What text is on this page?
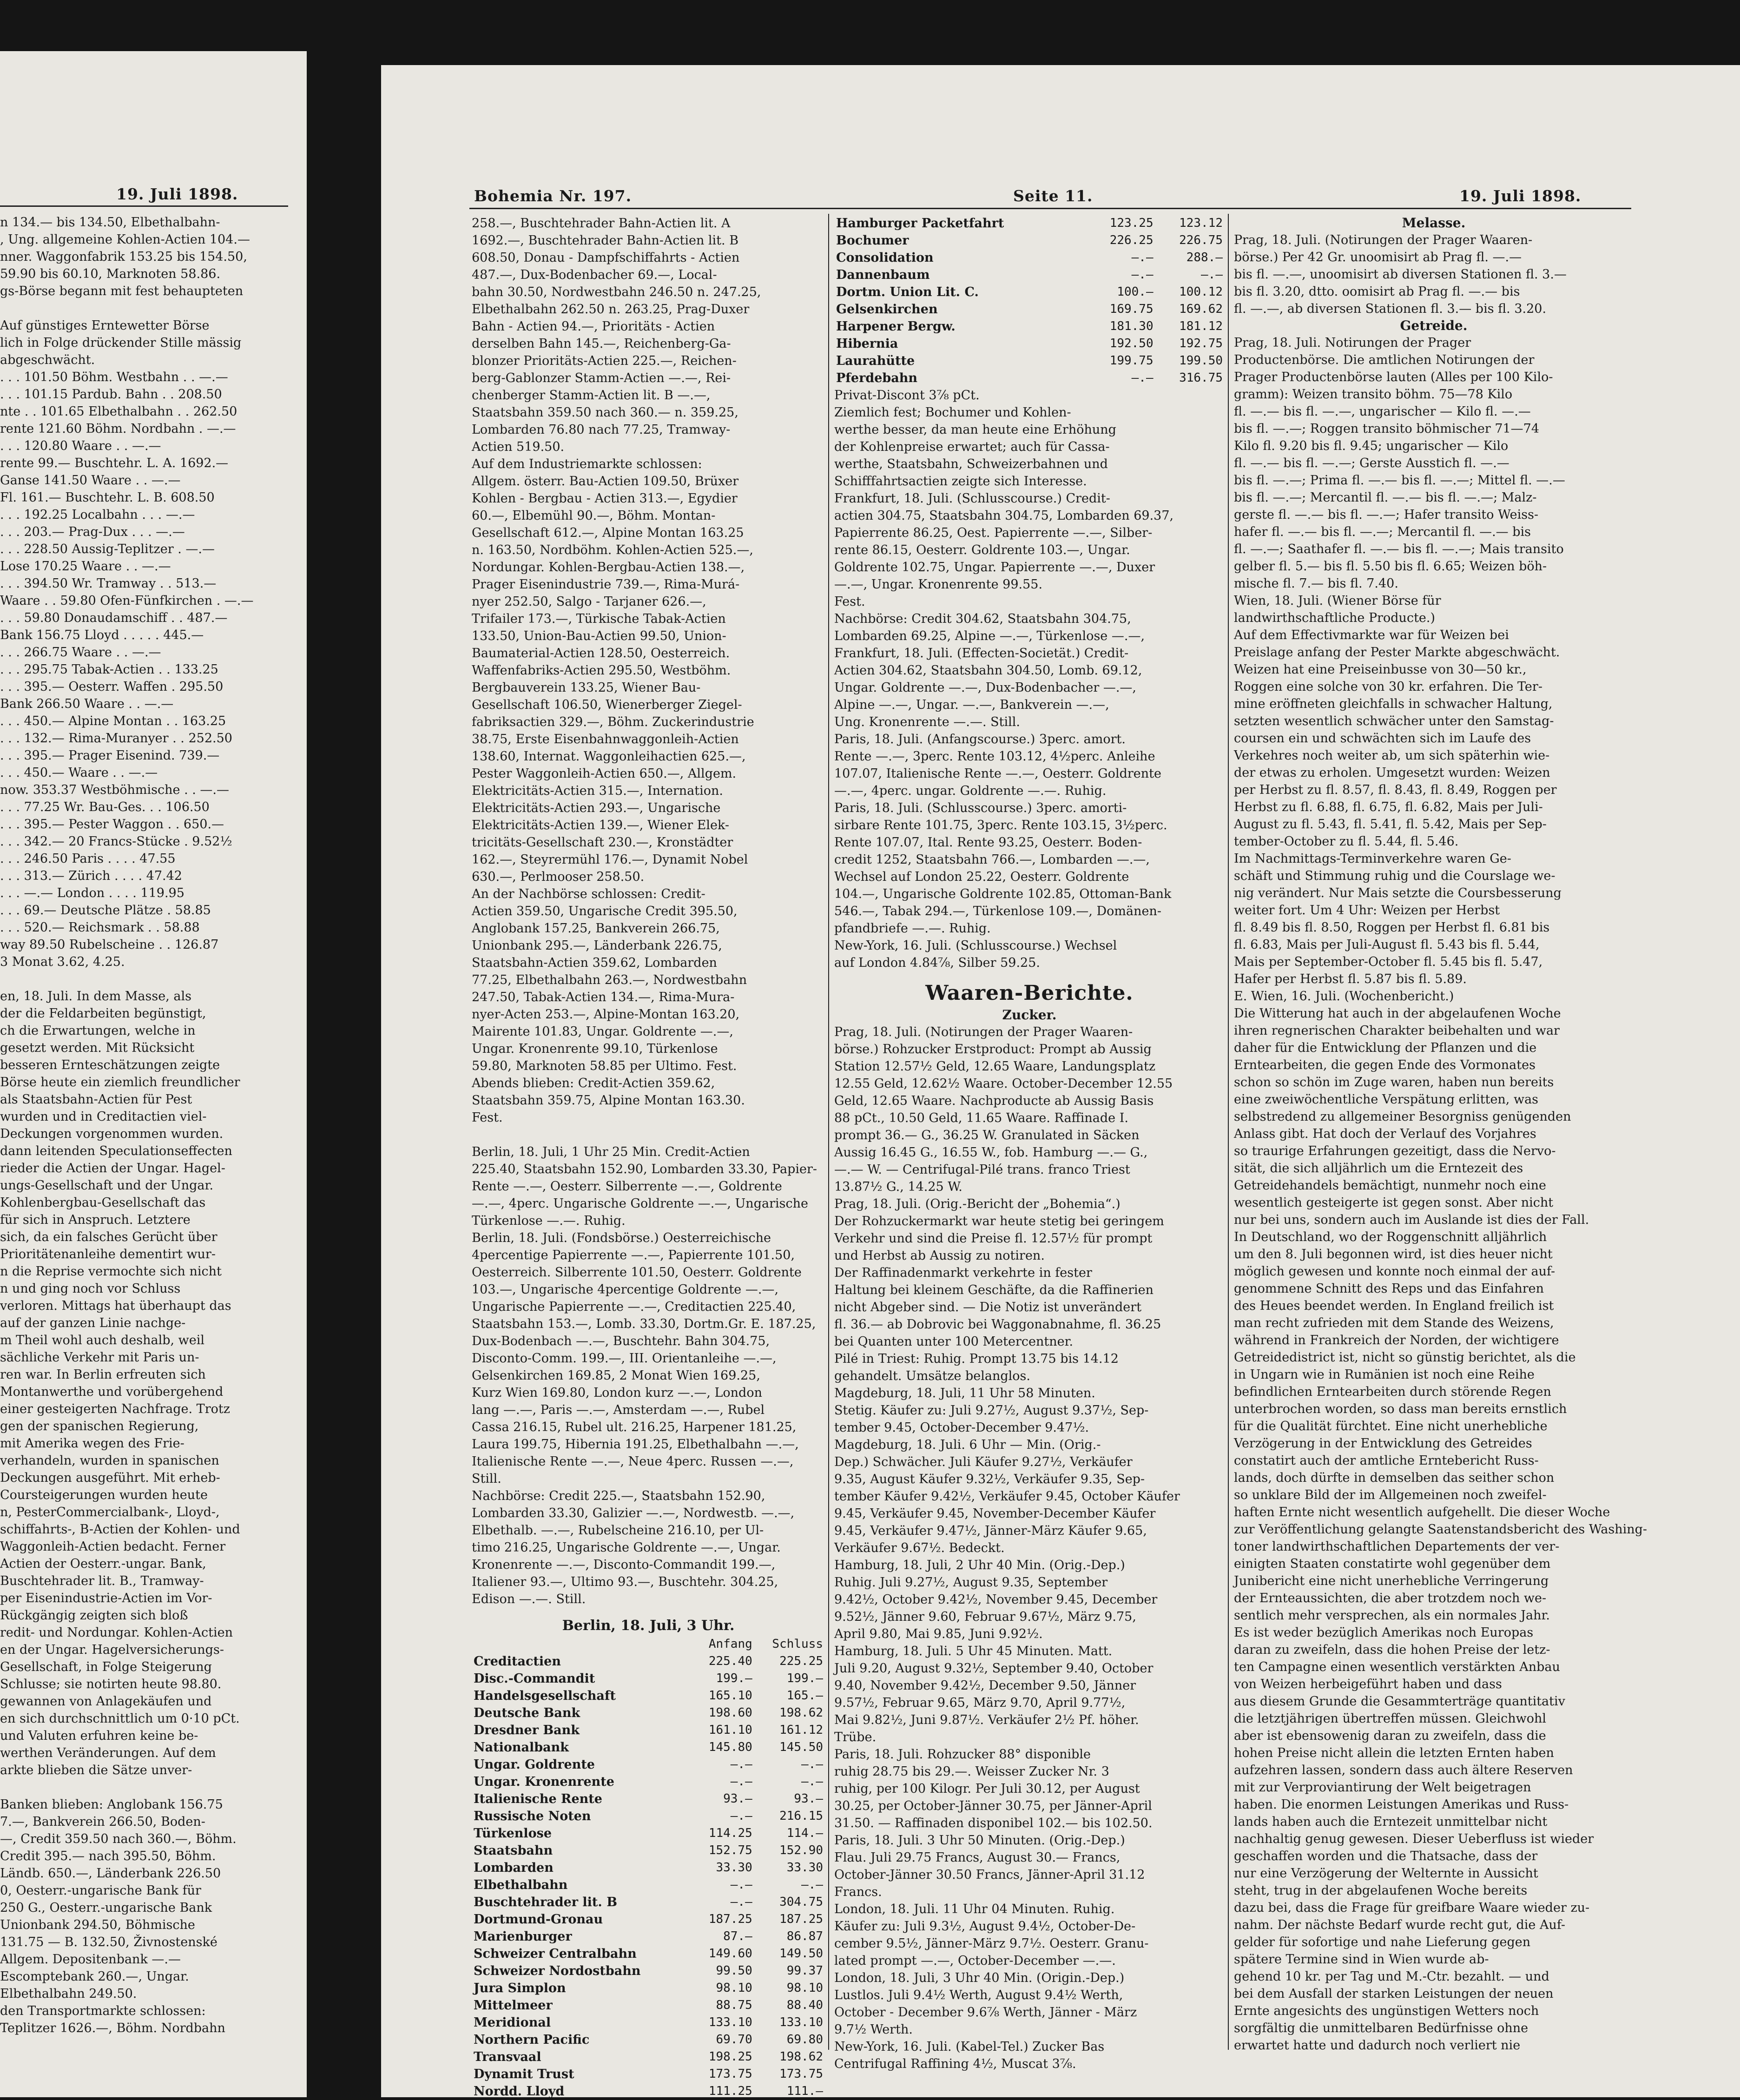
19. Juli 1898.
n 134.— bis 134.50, Elbethalbahn-
, Ung. allgemeine Kohlen-Actien 104.—
nner. Waggonfabrik 153.25 bis 154.50,
59.90 bis 60.10, Marknoten 58.86.
gs-Börse begann mit fest behaupteten
Auf günstiges Erntewetter Börse
lich in Folge drückender Stille mässig
abgeschwächt.
. . . 101.50 Böhm. Westbahn . . —.—
. . . 101.15 Pardub. Bahn . . 208.50
nte . . 101.65 Elbethalbahn . . 262.50
rente 121.60 Böhm. Nordbahn . —.—
. . . 120.80 Waare . . —.—
rente 99.— Buschtehr. L. A. 1692.—
Ganse 141.50 Waare . . —.—
Fl. 161.— Buschtehr. L. B. 608.50
. . . 192.25 Localbahn . . . —.—
. . . 203.— Prag-Dux . . . —.—
. . . 228.50 Aussig-Teplitzer . —.—
Lose 170.25 Waare . . —.—
. . . 394.50 Wr. Tramway . . 513.—
Waare . . 59.80 Ofen-Fünfkirchen . —.—
. . . 59.80 Donaudamschiff . . 487.—
Bank 156.75 Lloyd . . . . . 445.—
. . . 266.75 Waare . . —.—
. . . 295.75 Tabak-Actien . . 133.25
. . . 395.— Oesterr. Waffen . 295.50
Bank 266.50 Waare . . —.—
. . . 450.— Alpine Montan . . 163.25
. . . 132.— Rima-Muranyer . . 252.50
. . . 395.— Prager Eisenind. 739.—
. . . 450.— Waare . . —.—
now. 353.37 Westböhmische . . —.—
. . . 77.25 Wr. Bau-Ges. . . 106.50
. . . 395.— Pester Waggon . . 650.—
. . . 342.— 20 Francs-Stücke . 9.52½
. . . 246.50 Paris . . . . 47.55
. . . 313.— Zürich . . . . 47.42
. . . —.— London . . . . 119.95
. . . 69.— Deutsche Plätze . 58.85
. . . 520.— Reichsmark . . 58.88
way 89.50 Rubelscheine . . 126.87
3 Monat 3.62, 4.25.
en, 18. Juli. In dem Masse, als
der die Feldarbeiten begünstigt,
ch die Erwartungen, welche in
gesetzt werden. Mit Rücksicht
besseren Ernteschätzungen zeigte
Börse heute ein ziemlich freundlicher
als Staatsbahn-Actien für Pest
wurden und in Creditactien viel-
Deckungen vorgenommen wurden.
dann leitenden Speculationseffecten
rieder die Actien der Ungar. Hagel-
ungs-Gesellschaft und der Ungar.
Kohlenbergbau-Gesellschaft das
für sich in Anspruch. Letztere
sich, da ein falsches Gerücht über
Prioritätenanleihe dementirt wur-
n die Reprise vermochte sich nicht
n und ging noch vor Schluss
verloren. Mittags hat überhaupt das
auf der ganzen Linie nachge-
m Theil wohl auch deshalb, weil
sächliche Verkehr mit Paris un-
ren war. In Berlin erfreuten sich
Montanwerthe und vorübergehend
einer gesteigerten Nachfrage. Trotz
gen der spanischen Regierung,
mit Amerika wegen des Frie-
verhandeln, wurden in spanischen
Deckungen ausgeführt. Mit erheb-
Coursteigerungen wurden heute
n, PesterCommercialbank-, Lloyd-,
schiffahrts-, B-Actien der Kohlen- und
Waggonleih-Actien bedacht. Ferner
Actien der Oesterr.-ungar. Bank,
Buschtehrader lit. B., Tramway-
per Eisenindustrie-Actien im Vor-
Rückgängig zeigten sich bloß
redit- und Nordungar. Kohlen-Actien
en der Ungar. Hagelversicherungs-
Gesellschaft, in Folge Steigerung
Schlusse; sie notirten heute 98.80.
gewannen von Anlagekäufen und
en sich durchschnittlich um 0·10 pCt.
und Valuten erfuhren keine be-
werthen Veränderungen. Auf dem
arkte blieben die Sätze unver-
Banken blieben: Anglobank 156.75
7.—, Bankverein 266.50, Boden-
—, Credit 359.50 nach 360.—, Böhm.
Credit 395.— nach 395.50, Böhm.
Ländb. 650.—, Länderbank 226.50
0, Oesterr.-ungarische Bank für
250 G., Oesterr.-ungarische Bank
Unionbank 294.50, Böhmische
131.75 — B. 132.50, Živnostenské
Allgem. Depositenbank —.—
Escomptebank 260.—, Ungar.
Elbethalbahn 249.50.
den Transportmarkte schlossen:
Teplitzer 1626.—, Böhm. Nordbahn
Bohemia Nr. 197.	Seite 11.	19. Juli 1898.
258.—, Buschtehrader Bahn-Actien lit. A
1692.—, Buschtehrader Bahn-Actien lit. B
608.50, Donau - Dampfschiffahrts - Actien
487.—, Dux-Bodenbacher 69.—, Local-
bahn 30.50, Nordwestbahn 246.50 n. 247.25,
Elbethalbahn 262.50 n. 263.25, Prag-Duxer
Bahn - Actien 94.—, Prioritäts - Actien
derselben Bahn 145.—, Reichenberg-Ga-
blonzer Prioritäts-Actien 225.—, Reichen-
berg-Gablonzer Stamm-Actien —.—, Rei-
chenberger Stamm-Actien lit. B —.—,
Staatsbahn 359.50 nach 360.— n. 359.25,
Lombarden 76.80 nach 77.25, Tramway-
Actien 519.50.
Auf dem Industriemarkte schlossen:
Allgem. österr. Bau-Actien 109.50, Brüxer
Kohlen - Bergbau - Actien 313.—, Egydier
60.—, Elbemühl 90.—, Böhm. Montan-
Gesellschaft 612.—, Alpine Montan 163.25
n. 163.50, Nordböhm. Kohlen-Actien 525.—,
Nordungar. Kohlen-Bergbau-Actien 138.—,
Prager Eisenindustrie 739.—, Rima-Murá-
nyer 252.50, Salgo - Tarjaner 626.—,
Trifailer 173.—, Türkische Tabak-Actien
133.50, Union-Bau-Actien 99.50, Union-
Baumaterial-Actien 128.50, Oesterreich.
Waffenfabriks-Actien 295.50, Westböhm.
Bergbauverein 133.25, Wiener Bau-
Gesellschaft 106.50, Wienerberger Ziegel-
fabriksactien 329.—, Böhm. Zuckerindustrie
38.75, Erste Eisenbahnwaggonleih-Actien
138.60, Internat. Waggonleihactien 625.—,
Pester Waggonleih-Actien 650.—, Allgem.
Elektricitäts-Actien 315.—, Internation.
Elektricitäts-Actien 293.—, Ungarische
Elektricitäts-Actien 139.—, Wiener Elek-
tricitäts-Gesellschaft 230.—, Kronstädter
162.—, Steyrermühl 176.—, Dynamit Nobel
630.—, Perlmooser 258.50.
An der Nachbörse schlossen: Credit-
Actien 359.50, Ungarische Credit 395.50,
Anglobank 157.25, Bankverein 266.75,
Unionbank 295.—, Länderbank 226.75,
Staatsbahn-Actien 359.62, Lombarden
77.25, Elbethalbahn 263.—, Nordwestbahn
247.50, Tabak-Actien 134.—, Rima-Mura-
nyer-Acten 253.—, Alpine-Montan 163.20,
Mairente 101.83, Ungar. Goldrente —.—,
Ungar. Kronenrente 99.10, Türkenlose
59.80, Marknoten 58.85 per Ultimo. Fest.
Abends blieben: Credit-Actien 359.62,
Staatsbahn 359.75, Alpine Montan 163.30.
Fest.
Berlin, 18. Juli, 1 Uhr 25 Min. Credit-Actien
225.40, Staatsbahn 152.90, Lombarden 33.30, Papier-
Rente —.—, Oesterr. Silberrente —.—, Goldrente
—.—, 4perc. Ungarische Goldrente —.—, Ungarische
Türkenlose —.—. Ruhig.
Berlin, 18. Juli. (Fondsbörse.) Oesterreichische
4percentige Papierrente —.—, Papierrente 101.50,
Oesterreich. Silberrente 101.50, Oesterr. Goldrente
103.—, Ungarische 4percentige Goldrente —.—,
Ungarische Papierrente —.—, Creditactien 225.40,
Staatsbahn 153.—, Lomb. 33.30, Dortm.Gr. E. 187.25,
Dux-Bodenbach —.—, Buschtehr. Bahn 304.75,
Disconto-Comm. 199.—, III. Orientanleihe —.—,
Gelsenkirchen 169.85, 2 Monat Wien 169.25,
Kurz Wien 169.80, London kurz —.—, London
lang —.—, Paris —.—, Amsterdam —.—, Rubel
Cassa 216.15, Rubel ult. 216.25, Harpener 181.25,
Laura 199.75, Hibernia 191.25, Elbethalbahn —.—,
Italienische Rente —.—, Neue 4perc. Russen —.—,
Still.
Nachbörse: Credit 225.—, Staatsbahn 152.90,
Lombarden 33.30, Galizier —.—, Nordwestb. —.—,
Elbethalb. —.—, Rubelscheine 216.10, per Ul-
timo 216.25, Ungarische Goldrente —.—, Ungar.
Kronenrente —.—, Disconto-Commandit 199.—,
Italiener 93.—, Ultimo 93.—, Buschtehr. 304.25,
Edison —.—. Still.
Berlin, 18. Juli, 3 Uhr.
	Anfang	Schluss
Creditactien	225.40	225.25
Disc.-Commandit	199.—	199.—
Handelsgesellschaft	165.10	165.—
Deutsche Bank	198.60	198.62
Dresdner Bank	161.10	161.12
Nationalbank	145.80	145.50
Ungar. Goldrente	—.—	—.—
Ungar. Kronenrente	—.—	—.—
Italienische Rente	93.—	93.—
Russische Noten	—.—	216.15
Türkenlose	114.25	114.—
Staatsbahn	152.75	152.90
Lombarden	33.30	33.30
Elbethalbahn	—.—	—.—
Buschtehrader lit. B	—.—	304.75
Dortmund-Gronau	187.25	187.25
Marienburger	87.—	86.87
Schweizer Centralbahn	149.60	149.50
Schweizer Nordostbahn	99.50	99.37
Jura Simplon	98.10	98.10
Mittelmeer	88.75	88.40
Meridional	133.10	133.10
Northern Pacific	69.70	69.80
Transvaal	198.25	198.62
Dynamit Trust	173.75	173.75
Nordd. Lloyd	111.25	111.—
Hamburger Packetfahrt	123.25	123.12
Bochumer	226.25	226.75
Consolidation	—.—	288.—
Dannenbaum	—.—	—.—
Dortm. Union Lit. C.	100.—	100.12
Gelsenkirchen	169.75	169.62
Harpener Bergw.	181.30	181.12
Hibernia	192.50	192.75
Laurahütte	199.75	199.50
Pferdebahn	—.—	316.75
Privat-Discont 3⅞ pCt.
Ziemlich fest; Bochumer und Kohlen-
werthe besser, da man heute eine Erhöhung
der Kohlenpreise erwartet; auch für Cassa-
werthe, Staatsbahn, Schweizerbahnen und
Schifffahrtsactien zeigte sich Interesse.
Frankfurt, 18. Juli. (Schlusscourse.) Credit-
actien 304.75, Staatsbahn 304.75, Lombarden 69.37,
Papierrente 86.25, Oest. Papierrente —.—, Silber-
rente 86.15, Oesterr. Goldrente 103.—, Ungar.
Goldrente 102.75, Ungar. Papierrente —.—, Duxer
—.—, Ungar. Kronenrente 99.55.
Fest.
Nachbörse: Credit 304.62, Staatsbahn 304.75,
Lombarden 69.25, Alpine —.—, Türkenlose —.—,
Frankfurt, 18. Juli. (Effecten-Societät.) Credit-
Actien 304.62, Staatsbahn 304.50, Lomb. 69.12,
Ungar. Goldrente —.—, Dux-Bodenbacher —.—,
Alpine —.—, Ungar. —.—, Bankverein —.—,
Ung. Kronenrente —.—. Still.
Paris, 18. Juli. (Anfangscourse.) 3perc. amort.
Rente —.—, 3perc. Rente 103.12, 4½perc. Anleihe
107.07, Italienische Rente —.—, Oesterr. Goldrente
—.—, 4perc. ungar. Goldrente —.—. Ruhig.
Paris, 18. Juli. (Schlusscourse.) 3perc. amorti-
sirbare Rente 101.75, 3perc. Rente 103.15, 3½perc.
Rente 107.07, Ital. Rente 93.25, Oesterr. Boden-
credit 1252, Staatsbahn 766.—, Lombarden —.—,
Wechsel auf London 25.22, Oesterr. Goldrente
104.—, Ungarische Goldrente 102.85, Ottoman-Bank
546.—, Tabak 294.—, Türkenlose 109.—, Domänen-
pfandbriefe —.—. Ruhig.
New-York, 16. Juli. (Schlusscourse.) Wechsel
auf London 4.84⅞, Silber 59.25.
Waaren-Berichte.
Zucker.
Prag, 18. Juli. (Notirungen der Prager Waaren-
börse.) Rohzucker Erstproduct: Prompt ab Aussig
Station 12.57½ Geld, 12.65 Waare, Landungsplatz
12.55 Geld, 12.62½ Waare. October-December 12.55
Geld, 12.65 Waare. Nachproducte ab Aussig Basis
88 pCt., 10.50 Geld, 11.65 Waare. Raffinade I.
prompt 36.— G., 36.25 W. Granulated in Säcken
Aussig 16.45 G., 16.55 W., fob. Hamburg —.— G.,
—.— W. — Centrifugal-Pilé trans. franco Triest
13.87½ G., 14.25 W.
Prag, 18. Juli. (Orig.-Bericht der „Bohemia“.)
Der Rohzuckermarkt war heute stetig bei geringem
Verkehr und sind die Preise fl. 12.57½ für prompt
und Herbst ab Aussig zu notiren.
Der Raffinadenmarkt verkehrte in fester
Haltung bei kleinem Geschäfte, da die Raffinerien
nicht Abgeber sind. — Die Notiz ist unverändert
fl. 36.— ab Dobrovic bei Waggonabnahme, fl. 36.25
bei Quanten unter 100 Metercentner.
Pilé in Triest: Ruhig. Prompt 13.75 bis 14.12
gehandelt. Umsätze belanglos.
Magdeburg, 18. Juli, 11 Uhr 58 Minuten.
Stetig. Käufer zu: Juli 9.27½, August 9.37½, Sep-
tember 9.45, October-December 9.47½.
Magdeburg, 18. Juli. 6 Uhr — Min. (Orig.-
Dep.) Schwächer. Juli Käufer 9.27½, Verkäufer
9.35, August Käufer 9.32½, Verkäufer 9.35, Sep-
tember Käufer 9.42½, Verkäufer 9.45, October Käufer
9.45, Verkäufer 9.45, November-December Käufer
9.45, Verkäufer 9.47½, Jänner-März Käufer 9.65,
Verkäufer 9.67½. Bedeckt.
Hamburg, 18. Juli, 2 Uhr 40 Min. (Orig.-Dep.)
Ruhig. Juli 9.27½, August 9.35, September
9.42½, October 9.42½, November 9.45, December
9.52½, Jänner 9.60, Februar 9.67½, März 9.75,
April 9.80, Mai 9.85, Juni 9.92½.
Hamburg, 18. Juli. 5 Uhr 45 Minuten. Matt.
Juli 9.20, August 9.32½, September 9.40, October
9.40, November 9.42½, December 9.50, Jänner
9.57½, Februar 9.65, März 9.70, April 9.77½,
Mai 9.82½, Juni 9.87½. Verkäufer 2½ Pf. höher.
Trübe.
Paris, 18. Juli. Rohzucker 88° disponible
ruhig 28.75 bis 29.—. Weisser Zucker Nr. 3
ruhig, per 100 Kilogr. Per Juli 30.12, per August
30.25, per October-Jänner 30.75, per Jänner-April
31.50. — Raffinaden disponibel 102.— bis 102.50.
Paris, 18. Juli. 3 Uhr 50 Minuten. (Orig.-Dep.)
Flau. Juli 29.75 Francs, August 30.— Francs,
October-Jänner 30.50 Francs, Jänner-April 31.12
Francs.
London, 18. Juli. 11 Uhr 04 Minuten. Ruhig.
Käufer zu: Juli 9.3½, August 9.4½, October-De-
cember 9.5½, Jänner-März 9.7½. Oesterr. Granu-
lated prompt —.—, October-December —.—.
London, 18. Juli, 3 Uhr 40 Min. (Origin.-Dep.)
Lustlos. Juli 9.4½ Werth, August 9.4½ Werth,
October - December 9.6⅞ Werth, Jänner - März
9.7½ Werth.
New-York, 16. Juli. (Kabel-Tel.) Zucker Bas
Centrifugal Raffining 4½, Muscat 3⅞.
Melasse.
Prag, 18. Juli. (Notirungen der Prager Waaren-
börse.) Per 42 Gr. unoomisirt ab Prag fl. —.—
bis fl. —.—, unoomisirt ab diversen Stationen fl. 3.—
bis fl. 3.20, dtto. oomisirt ab Prag fl. —.— bis
fl. —.—, ab diversen Stationen fl. 3.— bis fl. 3.20.
Getreide.
Prag, 18. Juli. Notirungen der Prager
Productenbörse. Die amtlichen Notirungen der
Prager Productenbörse lauten (Alles per 100 Kilo-
gramm): Weizen transito böhm. 75—78 Kilo
fl. —.— bis fl. —.—, ungarischer — Kilo fl. —.—
bis fl. —.—; Roggen transito böhmischer 71—74
Kilo fl. 9.20 bis fl. 9.45; ungarischer — Kilo
fl. —.— bis fl. —.—; Gerste Ausstich fl. —.—
bis fl. —.—; Prima fl. —.— bis fl. —.—; Mittel fl. —.—
bis fl. —.—; Mercantil fl. —.— bis fl. —.—; Malz-
gerste fl. —.— bis fl. —.—; Hafer transito Weiss-
hafer fl. —.— bis fl. —.—; Mercantil fl. —.— bis
fl. —.—; Saathafer fl. —.— bis fl. —.—; Mais transito
gelber fl. 5.— bis fl. 5.50 bis fl. 6.65; Weizen böh-
mische fl. 7.— bis fl. 7.40.
Wien, 18. Juli. (Wiener Börse für
landwirthschaftliche Producte.)
Auf dem Effectivmarkte war für Weizen bei
Preislage anfang der Pester Markte abgeschwächt.
Weizen hat eine Preiseinbusse von 30—50 kr.,
Roggen eine solche von 30 kr. erfahren. Die Ter-
mine eröffneten gleichfalls in schwacher Haltung,
setzten wesentlich schwächer unter den Samstag-
coursen ein und schwächten sich im Laufe des
Verkehres noch weiter ab, um sich späterhin wie-
der etwas zu erholen. Umgesetzt wurden: Weizen
per Herbst zu fl. 8.57, fl. 8.43, fl. 8.49, Roggen per
Herbst zu fl. 6.88, fl. 6.75, fl. 6.82, Mais per Juli-
August zu fl. 5.43, fl. 5.41, fl. 5.42, Mais per Sep-
tember-October zu fl. 5.44, fl. 5.46.
Im Nachmittags-Terminverkehre waren Ge-
schäft und Stimmung ruhig und die Courslage we-
nig verändert. Nur Mais setzte die Coursbesserung
weiter fort. Um 4 Uhr: Weizen per Herbst
fl. 8.49 bis fl. 8.50, Roggen per Herbst fl. 6.81 bis
fl. 6.83, Mais per Juli-August fl. 5.43 bis fl. 5.44,
Mais per September-October fl. 5.45 bis fl. 5.47,
Hafer per Herbst fl. 5.87 bis fl. 5.89.
E. Wien, 16. Juli. (Wochenbericht.)
Die Witterung hat auch in der abgelaufenen Woche
ihren regnerischen Charakter beibehalten und war
daher für die Entwicklung der Pflanzen und die
Erntearbeiten, die gegen Ende des Vormonates
schon so schön im Zuge waren, haben nun bereits
eine zweiwöchentliche Verspätung erlitten, was
selbstredend zu allgemeiner Besorgniss genügenden
Anlass gibt. Hat doch der Verlauf des Vorjahres
so traurige Erfahrungen gezeitigt, dass die Nervo-
sität, die sich alljährlich um die Erntezeit des
Getreidehandels bemächtigt, nunmehr noch eine
wesentlich gesteigerte ist gegen sonst. Aber nicht
nur bei uns, sondern auch im Auslande ist dies der Fall.
In Deutschland, wo der Roggenschnitt alljährlich
um den 8. Juli begonnen wird, ist dies heuer nicht
möglich gewesen und konnte noch einmal der auf-
genommene Schnitt des Reps und das Einfahren
des Heues beendet werden. In England freilich ist
man recht zufrieden mit dem Stande des Weizens,
während in Frankreich der Norden, der wichtigere
Getreidedistrict ist, nicht so günstig berichtet, als die
in Ungarn wie in Rumänien ist noch eine Reihe
befindlichen Erntearbeiten durch störende Regen
unterbrochen worden, so dass man bereits ernstlich
für die Qualität fürchtet. Eine nicht unerhebliche
Verzögerung in der Entwicklung des Getreides
constatirt auch der amtliche Erntebericht Russ-
lands, doch dürfte in demselben das seither schon
so unklare Bild der im Allgemeinen noch zweifel-
haften Ernte nicht wesentlich aufgehellt. Die dieser Woche
zur Veröffentlichung gelangte Saatenstandsbericht des Washing-
toner landwirthschaftlichen Departements der ver-
einigten Staaten constatirte wohl gegenüber dem
Junibericht eine nicht unerhebliche Verringerung
der Ernteaussichten, die aber trotzdem noch we-
sentlich mehr versprechen, als ein normales Jahr.
Es ist weder bezüglich Amerikas noch Europas
daran zu zweifeln, dass die hohen Preise der letz-
ten Campagne einen wesentlich verstärkten Anbau
von Weizen herbeigeführt haben und dass
aus diesem Grunde die Gesammterträge quantitativ
die letztjährigen übertreffen müssen. Gleichwohl
aber ist ebensowenig daran zu zweifeln, dass die
hohen Preise nicht allein die letzten Ernten haben
aufzehren lassen, sondern dass auch ältere Reserven
mit zur Verproviantirung der Welt beigetragen
haben. Die enormen Leistungen Amerikas und Russ-
lands haben auch die Erntezeit unmittelbar nicht
nachhaltig genug gewesen. Dieser Ueberfluss ist wieder
geschaffen worden und die Thatsache, dass der
nur eine Verzögerung der Welternte in Aussicht
steht, trug in der abgelaufenen Woche bereits
dazu bei, dass die Frage für greifbare Waare wieder zu-
nahm. Der nächste Bedarf wurde recht gut, die Auf-
gelder für sofortige und nahe Lieferung gegen
spätere Termine sind in Wien wurde ab-
gehend 10 kr. per Tag und M.-Ctr. bezahlt. — und
bei dem Ausfall der starken Leistungen der neuen
Ernte angesichts des ungünstigen Wetters noch
sorgfältig die unmittelbaren Bedürfnisse ohne
erwartet hatte und dadurch noch verliert nie
